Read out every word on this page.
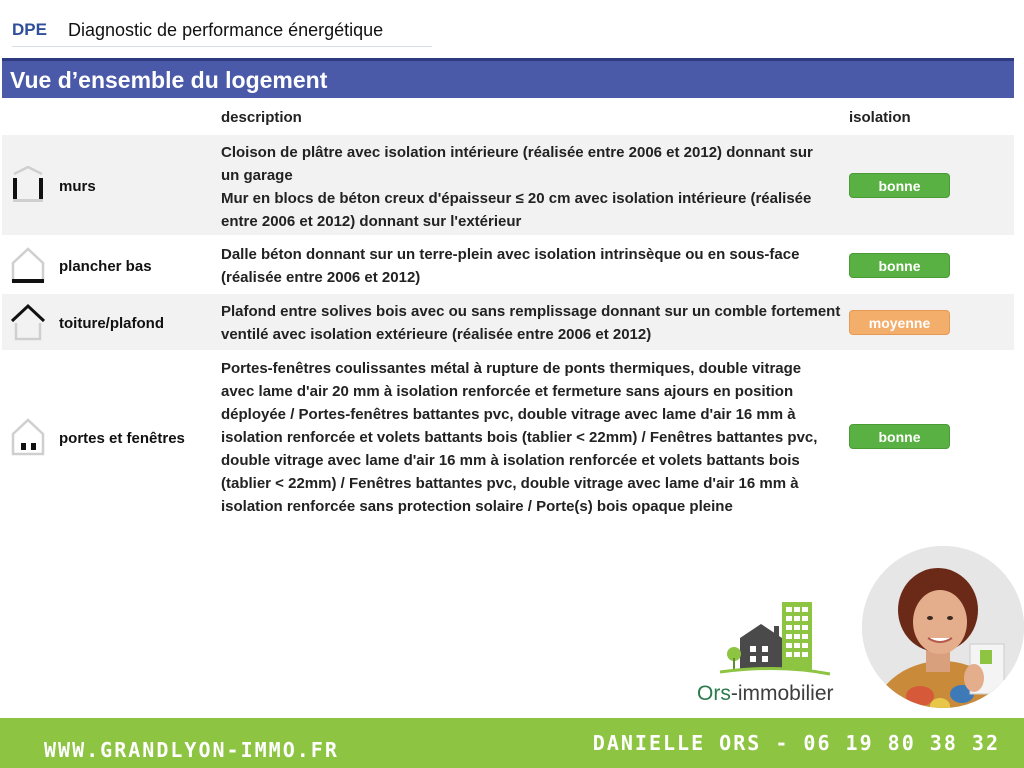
DPE Diagnostic de performance énergétique
Vue d’ensemble du logement
description	isolation
murs
Cloison de plâtre avec isolation intérieure (réalisée entre 2006 et 2012) donnant sur
un garage
Mur en blocs de béton creux d'épaisseur ≤ 20 cm avec isolation intérieure (réalisée
entre 2006 et 2012) donnant sur l'extérieur
bonne
plancher bas
Dalle béton donnant sur un terre-plein avec isolation intrinsèque ou en sous-face
(réalisée entre 2006 et 2012)
bonne
toiture/plafond
Plafond entre solives bois avec ou sans remplissage donnant sur un comble fortement
ventilé avec isolation extérieure (réalisée entre 2006 et 2012)
moyenne
portes et fenêtres
Portes-fenêtres coulissantes métal à rupture de ponts thermiques, double vitrage
avec lame d'air 20 mm à isolation renforcée et fermeture sans ajours en position
déployée / Portes-fenêtres battantes pvc, double vitrage avec lame d'air 16 mm à
isolation renforcée et volets battants bois (tablier < 22mm) / Fenêtres battantes pvc,
double vitrage avec lame d'air 16 mm à isolation renforcée et volets battants bois
(tablier < 22mm) / Fenêtres battantes pvc, double vitrage avec lame d'air 16 mm à
isolation renforcée sans protection solaire / Porte(s) bois opaque pleine
bonne
Ors-immobilier
WWW.GRANDLYON-IMMO.FR	DANIELLE ORS - 06 19 80 38 32
